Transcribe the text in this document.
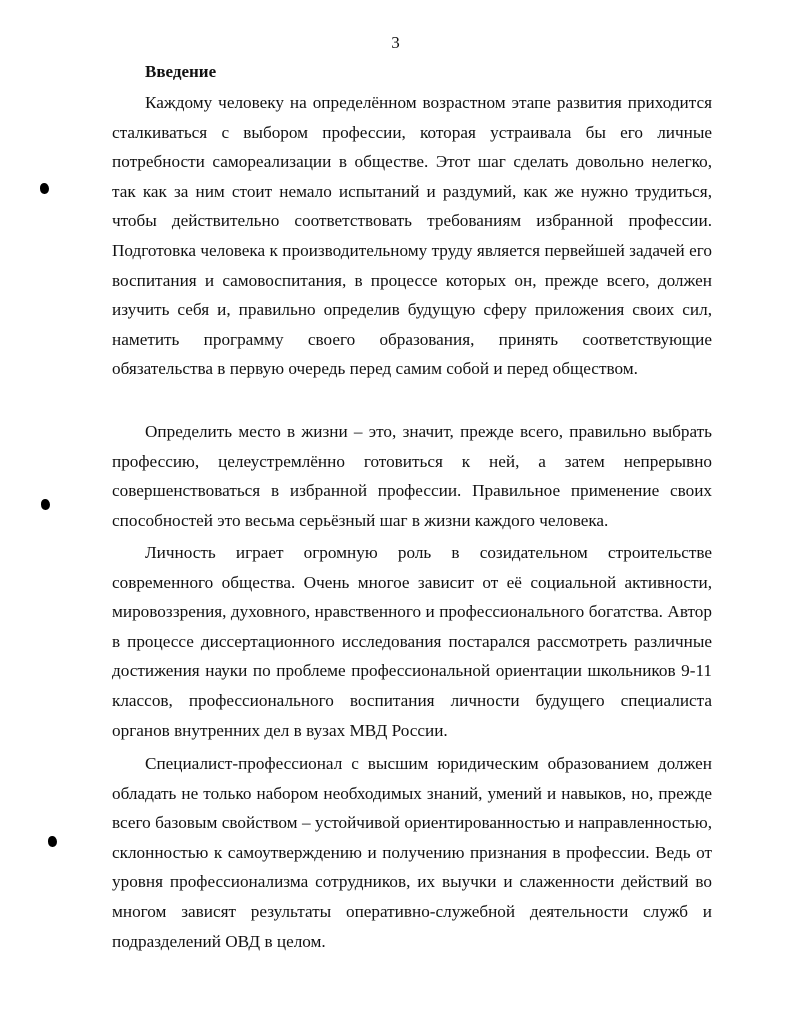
3
Введение

Каждому человеку на определённом возрастном этапе развития приходится сталкиваться с выбором профессии, которая устраивала бы его личные потребности самореализации в обществе. Этот шаг сделать довольно нелегко, так как за ним стоит немало испытаний и раздумий, как же нужно трудиться, чтобы действительно соответствовать требованиям избранной профессии. Подготовка человека к производительному труду является первейшей задачей его воспитания и самовоспитания, в процессе которых он, прежде всего, должен изучить себя и, правильно определив будущую сферу приложения своих сил, наметить программу своего образования, принять соответствующие обязательства в первую очередь перед самим собой и перед обществом.

Определить место в жизни – это, значит, прежде всего, правильно выбрать профессию, целеустремлённо готовиться к ней, а затем непрерывно совершенствоваться в избранной профессии. Правильное применение своих способностей это весьма серьёзный шаг в жизни каждого человека.

Личность играет огромную роль в созидательном строительстве современного общества. Очень многое зависит от её социальной активности, мировоззрения, духовного, нравственного и профессионального богатства. Автор в процессе диссертационного исследования постарался рассмотреть различные достижения науки по проблеме профессиональной ориентации школьников 9-11 классов, профессионального воспитания личности будущего специалиста органов внутренних дел в вузах МВД России.

Специалист-профессионал с высшим юридическим образованием должен обладать не только набором необходимых знаний, умений и навыков, но, прежде всего базовым свойством – устойчивой ориентированностью и направленностью, склонностью к самоутверждению и получению признания в профессии. Ведь от уровня профессионализма сотрудников, их выучки и слаженности действий во многом зависят результаты оперативно-служебной деятельности служб и подразделений ОВД в целом.
